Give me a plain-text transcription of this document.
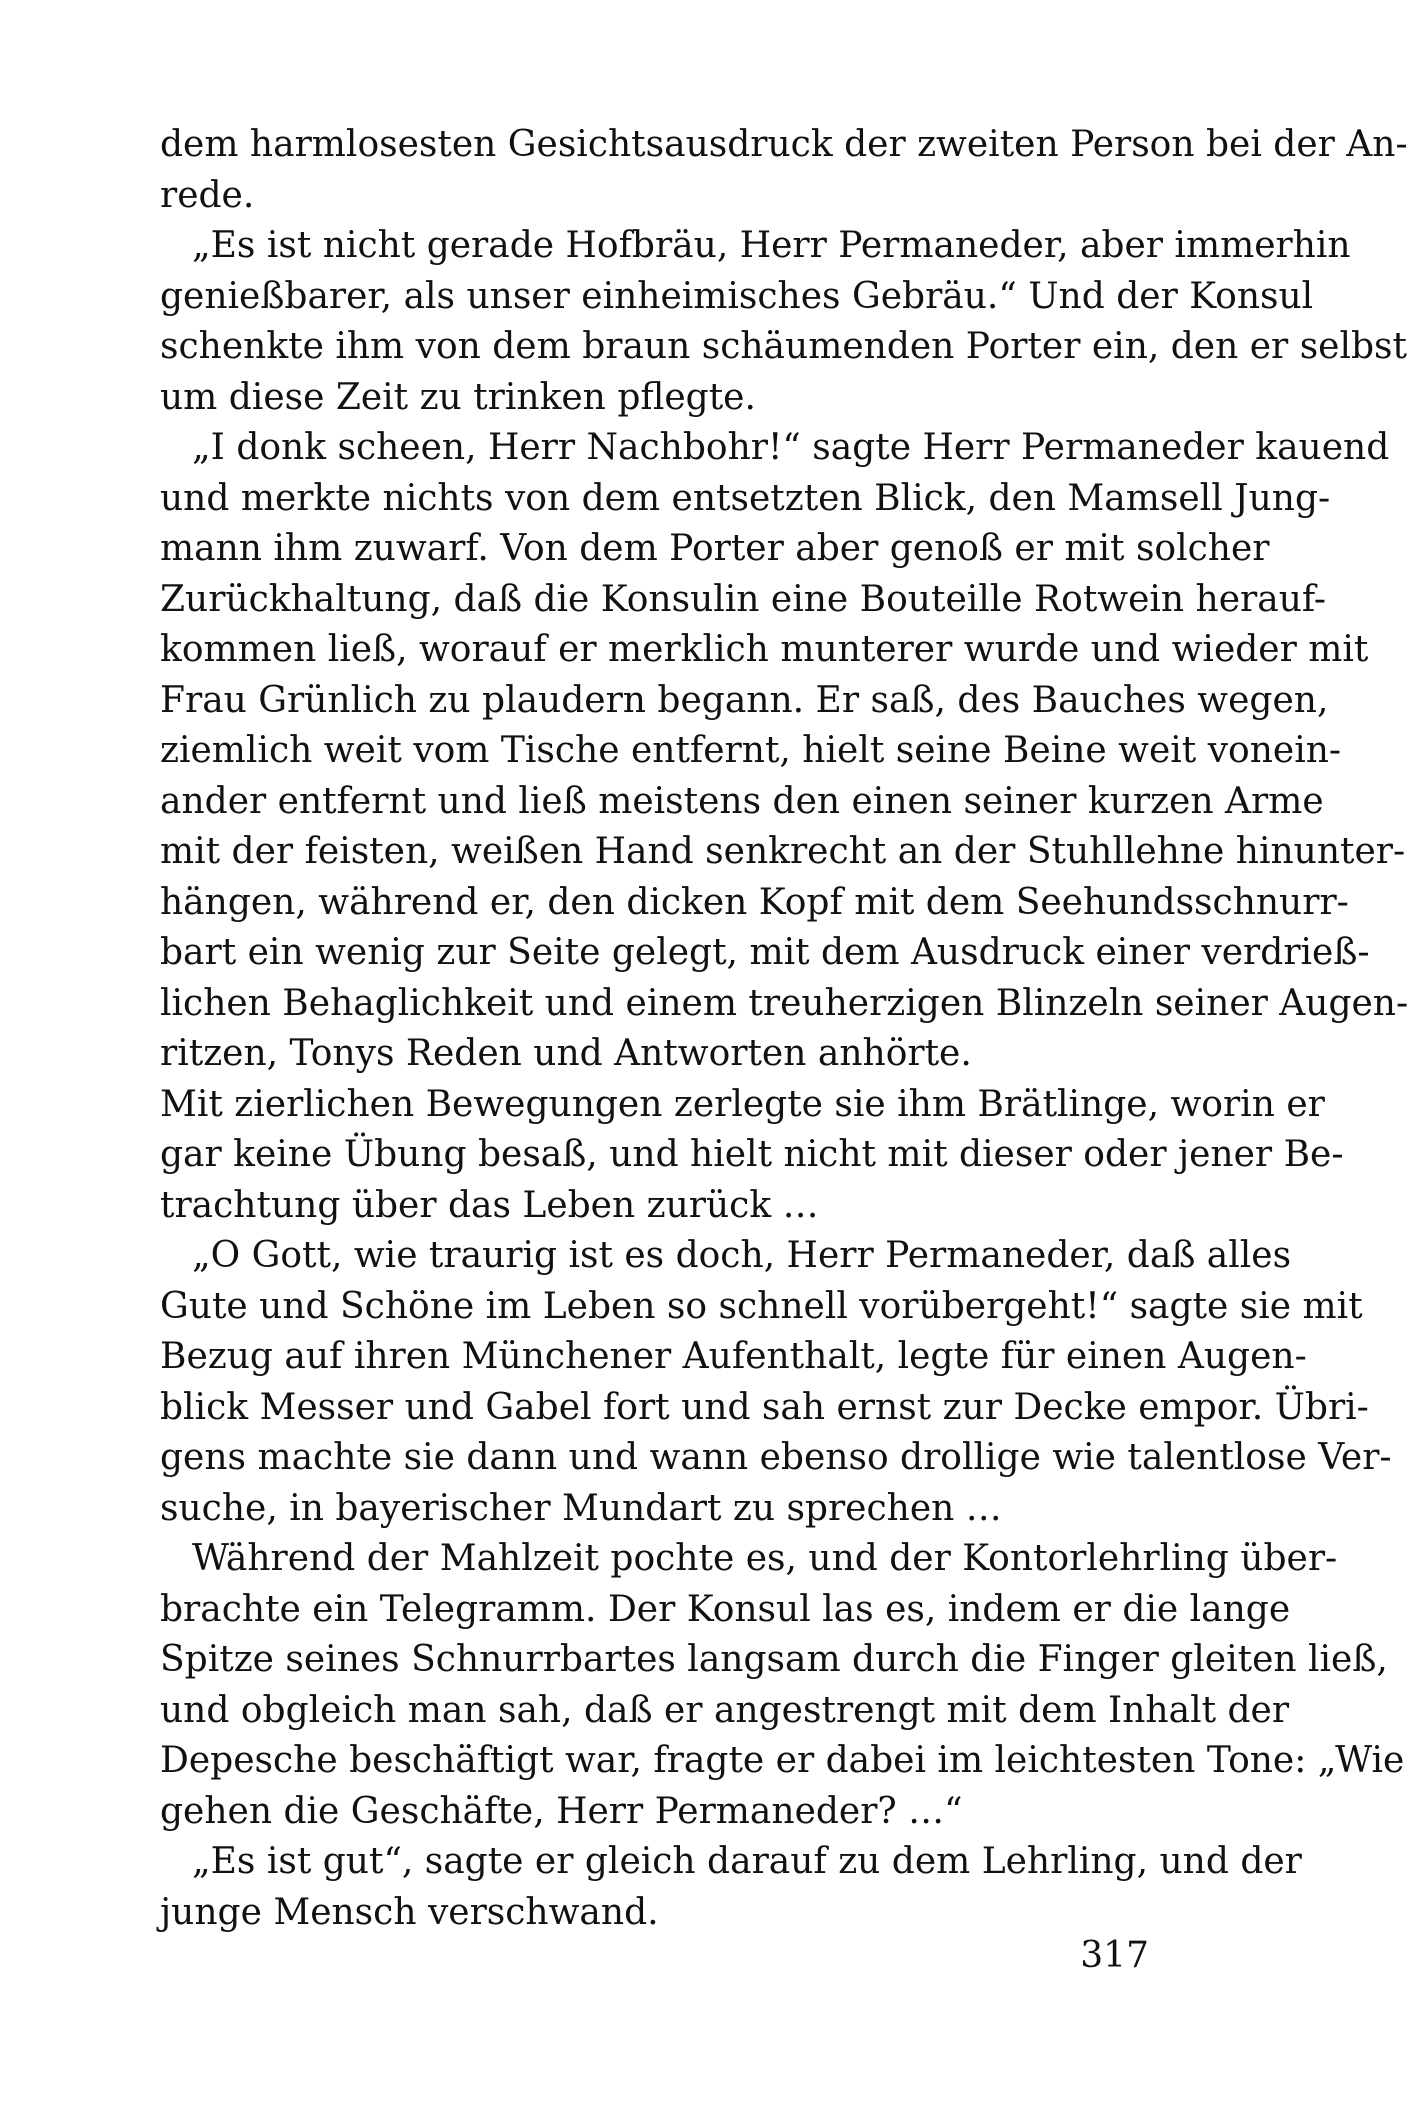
dem harmlosesten Gesichtsausdruck der zweiten Person bei der An-
rede.
„Es ist nicht gerade Hofbräu, Herr Permaneder, aber immerhin
genießbarer, als unser einheimisches Gebräu.“ Und der Konsul
schenkte ihm von dem braun schäumenden Porter ein, den er selbst
um diese Zeit zu trinken pflegte.
„I donk scheen, Herr Nachbohr!“ sagte Herr Permaneder kauend
und merkte nichts von dem entsetzten Blick, den Mamsell Jung-
mann ihm zuwarf. Von dem Porter aber genoß er mit solcher
Zurückhaltung, daß die Konsulin eine Bouteille Rotwein herauf-
kommen ließ, worauf er merklich munterer wurde und wieder mit
Frau Grünlich zu plaudern begann. Er saß, des Bauches wegen,
ziemlich weit vom Tische entfernt, hielt seine Beine weit vonein-
ander entfernt und ließ meistens den einen seiner kurzen Arme
mit der feisten, weißen Hand senkrecht an der Stuhllehne hinunter-
hängen, während er, den dicken Kopf mit dem Seehundsschnurr-
bart ein wenig zur Seite gelegt, mit dem Ausdruck einer verdrieß-
lichen Behaglichkeit und einem treuherzigen Blinzeln seiner Augen-
ritzen, Tonys Reden und Antworten anhörte.
Mit zierlichen Bewegungen zerlegte sie ihm Brätlinge, worin er
gar keine Übung besaß, und hielt nicht mit dieser oder jener Be-
trachtung über das Leben zurück …
„O Gott, wie traurig ist es doch, Herr Permaneder, daß alles
Gute und Schöne im Leben so schnell vorübergeht!“ sagte sie mit
Bezug auf ihren Münchener Aufenthalt, legte für einen Augen-
blick Messer und Gabel fort und sah ernst zur Decke empor. Übri-
gens machte sie dann und wann ebenso drollige wie talentlose Ver-
suche, in bayerischer Mundart zu sprechen …
Während der Mahlzeit pochte es, und der Kontorlehrling über-
brachte ein Telegramm. Der Konsul las es, indem er die lange
Spitze seines Schnurrbartes langsam durch die Finger gleiten ließ,
und obgleich man sah, daß er angestrengt mit dem Inhalt der
Depesche beschäftigt war, fragte er dabei im leichtesten Tone: „Wie
gehen die Geschäfte, Herr Permaneder? …“
„Es ist gut“, sagte er gleich darauf zu dem Lehrling, und der
junge Mensch verschwand.
317
